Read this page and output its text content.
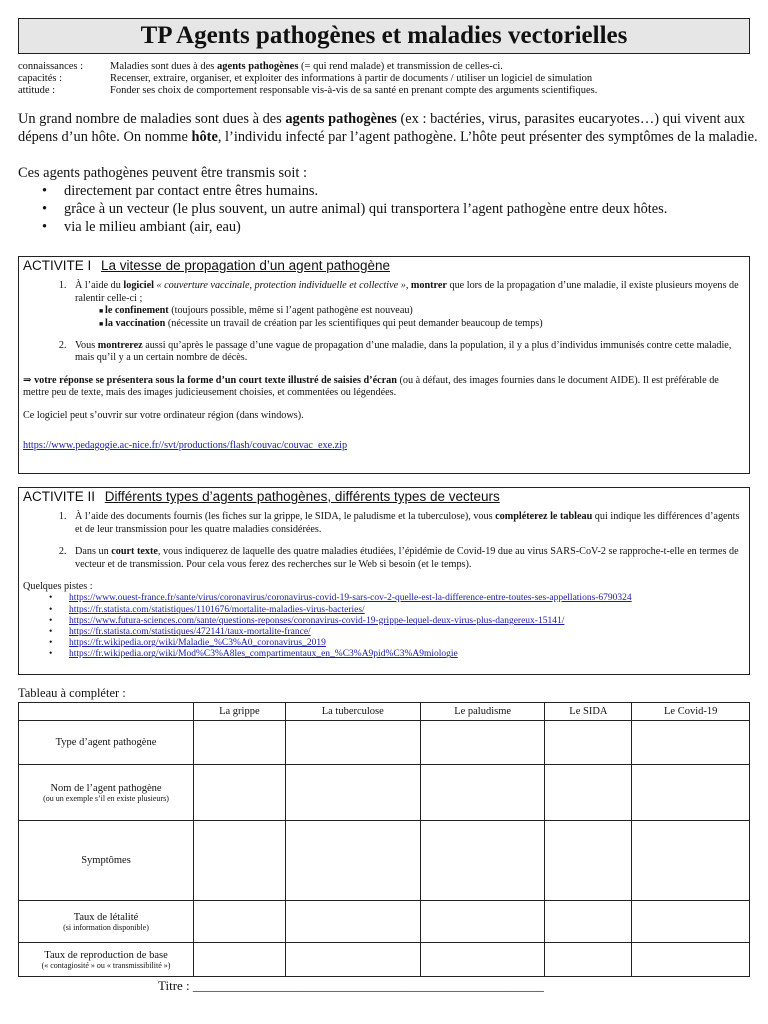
TP Agents pathogènes et maladies vectorielles
connaissances :	Maladies sont dues à des agents pathogènes (= qui rend malade) et transmission de celles-ci.
capacités :	Recenser, extraire, organiser, et exploiter des informations à partir de documents / utiliser un logiciel de simulation
attitude :	Fonder ses choix de comportement responsable vis-à-vis de sa santé en prenant compte des arguments scientifiques.

Un grand nombre de maladies sont dues à des agents pathogènes (ex : bactéries, virus, parasites eucaryotes…) qui vivent aux dépens d’un hôte. On nomme hôte, l’individu infecté par l’agent pathogène. L’hôte peut présenter des symptômes de la maladie.

Ces agents pathogènes peuvent être transmis soit :

• directement par contact entre êtres humains.
• grâce à un vecteur (le plus souvent, un autre animal) qui transportera l’agent pathogène entre deux hôtes.
• via le milieu ambiant (air, eau)
ACTIVITE I La vitesse de propagation d’un agent pathogène
1. À l’aide du logiciel « couverture vaccinale, protection individuelle et collective », montrer que lors de la propagation d’une maladie, il existe plusieurs moyens de ralentir celle-ci ;
■ le confinement (toujours possible, même si l’agent pathogène est nouveau)
■ la vaccination (nécessite un travail de création par les scientifiques qui peut demander beaucoup de temps)
2. Vous montrerez aussi qu’après le passage d’une vague de propagation d’une maladie, dans la population, il y a plus d’individus immunisés contre cette maladie, mais qu’il y a un certain nombre de décès.

⇒ votre réponse se présentera sous la forme d’un court texte illustré de saisies d’écran (ou à défaut, des images fournies dans le document AIDE). Il est préférable de mettre peu de texte, mais des images judicieusement choisies, et commentées ou légendées.

Ce logiciel peut s’ouvrir sur votre ordinateur région (dans windows).

https://www.pedagogie.ac-nice.fr//svt/productions/flash/couvac/couvac_exe.zip

ACTIVITE II Différents types d’agents pathogènes, différents types de vecteurs
1. À l’aide des documents fournis (les fiches sur la grippe, le SIDA, le paludisme et la tuberculose), vous compléterez le tableau qui indique les différences d’agents et de leur transmission pour les quatre maladies considérées.
2. Dans un court texte, vous indiquerez de laquelle des quatre maladies étudiées, l’épidémie de Covid-19 due au virus SARS-CoV-2 se rapproche-t-elle en termes de vecteur et de transmission. Pour cela vous ferez des recherches sur le Web si besoin (et le temps).

Quelques pistes :

• https://www.ouest-france.fr/sante/virus/coronavirus/coronavirus-covid-19-sars-cov-2-quelle-est-la-difference-entre-toutes-ses-appellations-6790324
• https://fr.statista.com/statistiques/1101676/mortalite-maladies-virus-bacteries/
• https://www.futura-sciences.com/sante/questions-reponses/coronavirus-covid-19-grippe-lequel-deux-virus-plus-dangereux-15141/
• https://fr.statista.com/statistiques/472141/taux-mortalite-france/
• https://fr.wikipedia.org/wiki/Maladie_%C3%A0_coronavirus_2019
• https://fr.wikipedia.org/wiki/Mod%C3%A8les_compartimentaux_en_%C3%A9pid%C3%A9miologie
Tableau à compléter :
	La grippe	La tuberculose	Le paludisme	Le SIDA	Le Covid-19
Type d’agent pathogène					
Nom de l’agent pathogène
(ou un exemple s’il en existe plusieurs)					

Symptômes					
Taux de létalité
(si information disponible)					

Taux de reproduction de base
(« contagiosité » ou « transmissibilité »)					

Titre : ______________________________________________________
